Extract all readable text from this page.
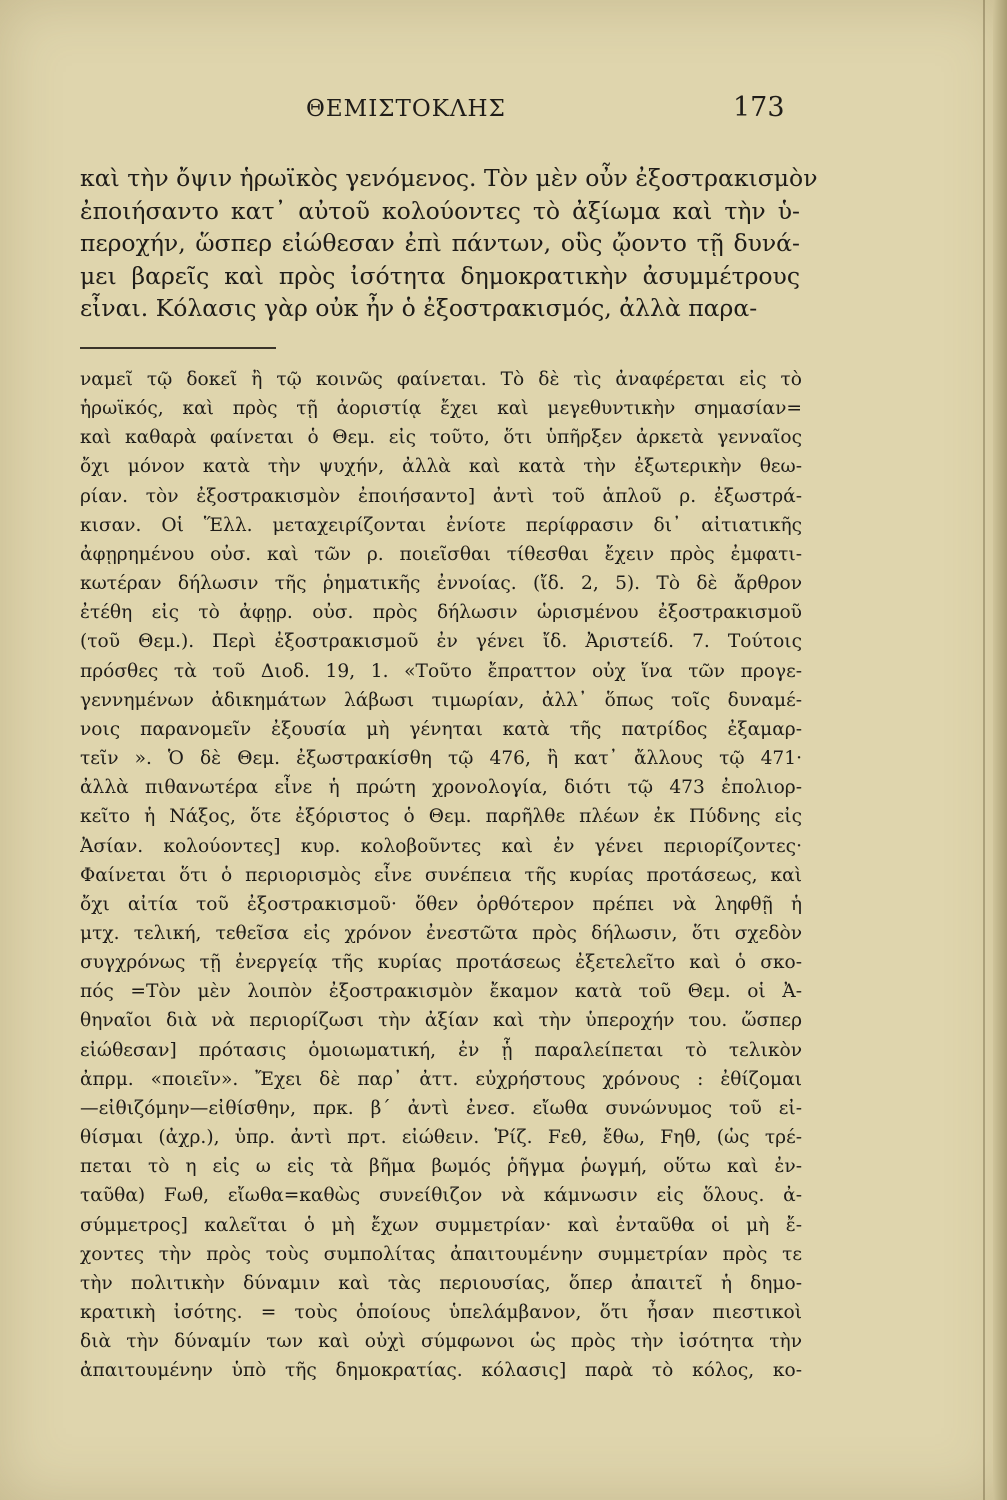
ΘΕΜΙΣΤΟΚΛΗΣ	173
καὶ τὴν ὄψιν ἡρωϊκὸς γενόμενος. Τὸν μὲν οὖν ἐξοστρακισμὸν
ἐποιήσαντο κατ᾽ αὐτοῦ κολούοντες τὸ ἀξίωμα καὶ τὴν ὑ-
περοχήν, ὥσπερ εἰώθεσαν ἐπὶ πάντων, οὓς ᾤοντο τῇ δυνά-
μει βαρεῖς καὶ πρὸς ἰσότητα δημοκρατικὴν ἀσυμμέτρους
εἶναι. Κόλασις γὰρ οὐκ ἦν ὁ ἐξοστρακισμός, ἀλλὰ παρα-
ναμεῖ τῷ δοκεῖ ἢ τῷ κοινῶς φαίνεται. Τὸ δὲ τὶς ἀναφέρεται εἰς τὸ
ἡρωϊκός, καὶ πρὸς τῇ ἀοριστίᾳ ἔχει καὶ μεγεθυντικὴν σημασίαν=
καὶ καθαρὰ φαίνεται ὁ Θεμ. εἰς τοῦτο, ὅτι ὑπῆρξεν ἀρκετὰ γενναῖος
ὄχι μόνον κατὰ τὴν ψυχήν, ἀλλὰ καὶ κατὰ τὴν ἐξωτερικὴν θεω-
ρίαν. τὸν ἐξοστρακισμὸν ἐποιήσαντο] ἀντὶ τοῦ ἁπλοῦ ρ. ἐξωστρά-
κισαν. Οἱ Ἕλλ. μεταχειρίζονται ἐνίοτε περίφρασιν δι᾽ αἰτιατικῆς
ἀφῃρημένου οὐσ. καὶ τῶν ρ. ποιεῖσθαι τίθεσθαι ἔχειν πρὸς ἐμφατι-
κωτέραν δήλωσιν τῆς ῥηματικῆς ἐννοίας. (ἴδ. 2, 5). Τὸ δὲ ἄρθρον
ἐτέθη εἰς τὸ ἀφῃρ. οὐσ. πρὸς δήλωσιν ὡρισμένου ἐξοστρακισμοῦ
(τοῦ Θεμ.). Περὶ ἐξοστρακισμοῦ ἐν γένει ἴδ. Ἀριστείδ. 7. Τούτοις
πρόσθες τὰ τοῦ Διοδ. 19, 1. «Τοῦτο ἔπραττον οὐχ ἵνα τῶν προγε-
γεννημένων ἀδικημάτων λάβωσι τιμωρίαν, ἀλλ᾽ ὅπως τοῖς δυναμέ-
νοις παρανομεῖν ἐξουσία μὴ γένηται κατὰ τῆς πατρίδος ἐξαμαρ-
τεῖν ». Ὁ δὲ Θεμ. ἐξωστρακίσθη τῷ 476, ἢ κατ᾽ ἄλλους τῷ 471·
ἀλλὰ πιθανωτέρα εἶνε ἡ πρώτη χρονολογία, διότι τῷ 473 ἐπολιορ-
κεῖτο ἡ Νάξος, ὅτε ἐξόριστος ὁ Θεμ. παρῆλθε πλέων ἐκ Πύδνης εἰς
Ἀσίαν. κολούοντες] κυρ. κολοβοῦντες καὶ ἐν γένει περιορίζοντες·
Φαίνεται ὅτι ὁ περιορισμὸς εἶνε συνέπεια τῆς κυρίας προτάσεως, καὶ
ὄχι αἰτία τοῦ ἐξοστρακισμοῦ· ὅθεν ὀρθότερον πρέπει νὰ ληφθῇ ἡ
μτχ. τελική, τεθεῖσα εἰς χρόνον ἐνεστῶτα πρὸς δήλωσιν, ὅτι σχεδὸν
συγχρόνως τῇ ἐνεργείᾳ τῆς κυρίας προτάσεως ἐξετελεῖτο καὶ ὁ σκο-
πός =Τὸν μὲν λοιπὸν ἐξοστρακισμὸν ἔκαμον κατὰ τοῦ Θεμ. οἱ Ἀ-
θηναῖοι διὰ νὰ περιορίζωσι τὴν ἀξίαν καὶ τὴν ὑπεροχήν του. ὥσπερ
εἰώθεσαν] πρότασις ὁμοιωματική, ἐν ᾗ παραλείπεται τὸ τελικὸν
ἀπρμ. «ποιεῖν». Ἔχει δὲ παρ᾽ ἀττ. εὐχρήστους χρόνους : ἐθίζομαι
—εἰθιζόμην—εἰθίσθην, πρκ. β´ ἀντὶ ἐνεσ. εἴωθα συνώνυμος τοῦ εἰ-
θίσμαι (ἀχρ.), ὑπρ. ἀντὶ πρτ. εἰώθειν. Ῥίζ. Fεθ, ἔθω, Fηθ, (ὡς τρέ-
πεται τὸ η εἰς ω εἰς τὰ βῆμα βωμός ῥῆγμα ῥωγμή, οὕτω καὶ ἐν-
ταῦθα) Fωθ, εἴωθα=καθὼς συνείθιζον νὰ κάμνωσιν εἰς ὅλους. ἀ-
σύμμετρος] καλεῖται ὁ μὴ ἔχων συμμετρίαν· καὶ ἐνταῦθα οἱ μὴ ἔ-
χοντες τὴν πρὸς τοὺς συμπολίτας ἀπαιτουμένην συμμετρίαν πρὸς τε
τὴν πολιτικὴν δύναμιν καὶ τὰς περιουσίας, ὅπερ ἀπαιτεῖ ἡ δημο-
κρατικὴ ἰσότης. = τοὺς ὁποίους ὑπελάμβανον, ὅτι ἦσαν πιεστικοὶ
διὰ τὴν δύναμίν των καὶ οὐχὶ σύμφωνοι ὡς πρὸς τὴν ἰσότητα τὴν
ἀπαιτουμένην ὑπὸ τῆς δημοκρατίας. κόλασις] παρὰ τὸ κόλος, κο-
